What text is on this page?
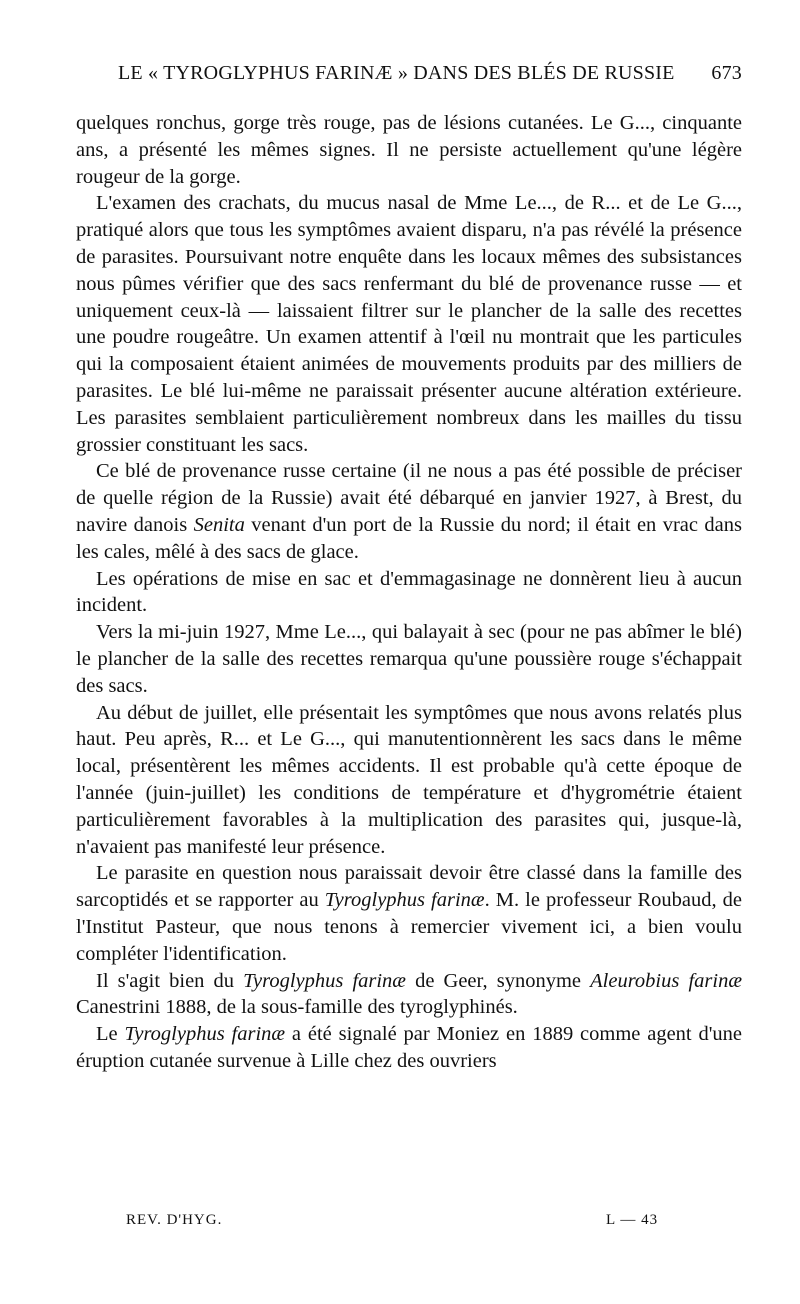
LE « TYROGLYPHUS FARINÆ » DANS DES BLÉS DE RUSSIE 673

quelques ronchus, gorge très rouge, pas de lésions cutanées. Le G..., cinquante ans, a présenté les mêmes signes. Il ne persiste actuellement qu'une légère rougeur de la gorge.

L'examen des crachats, du mucus nasal de Mme Le..., de R... et de Le G..., pratiqué alors que tous les symptômes avaient disparu, n'a pas révélé la présence de parasites. Poursuivant notre enquête dans les locaux mêmes des subsistances nous pûmes vérifier que des sacs renfermant du blé de provenance russe — et uniquement ceux-là — laissaient filtrer sur le plancher de la salle des recettes une poudre rougeâtre. Un examen attentif à l'œil nu montrait que les particules qui la composaient étaient animées de mouvements produits par des milliers de parasites. Le blé lui-même ne paraissait présenter aucune altération extérieure. Les parasites semblaient particulièrement nombreux dans les mailles du tissu grossier constituant les sacs.

Ce blé de provenance russe certaine (il ne nous a pas été possible de préciser de quelle région de la Russie) avait été débarqué en janvier 1927, à Brest, du navire danois Senita venant d'un port de la Russie du nord; il était en vrac dans les cales, mêlé à des sacs de glace.

Les opérations de mise en sac et d'emmagasinage ne donnèrent lieu à aucun incident.

Vers la mi-juin 1927, Mme Le..., qui balayait à sec (pour ne pas abîmer le blé) le plancher de la salle des recettes remarqua qu'une poussière rouge s'échappait des sacs.

Au début de juillet, elle présentait les symptômes que nous avons relatés plus haut. Peu après, R... et Le G..., qui manutentionnèrent les sacs dans le même local, présentèrent les mêmes accidents. Il est probable qu'à cette époque de l'année (juin-juillet) les conditions de température et d'hygrométrie étaient particulièrement favorables à la multiplication des parasites qui, jusque-là, n'avaient pas manifesté leur présence.

Le parasite en question nous paraissait devoir être classé dans la famille des sarcoptidés et se rapporter au Tyroglyphus farinæ. M. le professeur Roubaud, de l'Institut Pasteur, que nous tenons à remercier vivement ici, a bien voulu compléter l'identification.

Il s'agit bien du Tyroglyphus farinæ de Geer, synonyme Aleurobius farinæ Canestrini 1888, de la sous-famille des tyroglyphinés.

Le Tyroglyphus farinæ a été signalé par Moniez en 1889 comme agent d'une éruption cutanée survenue à Lille chez des ouvriers

REV. D'HYG.	L — 43
